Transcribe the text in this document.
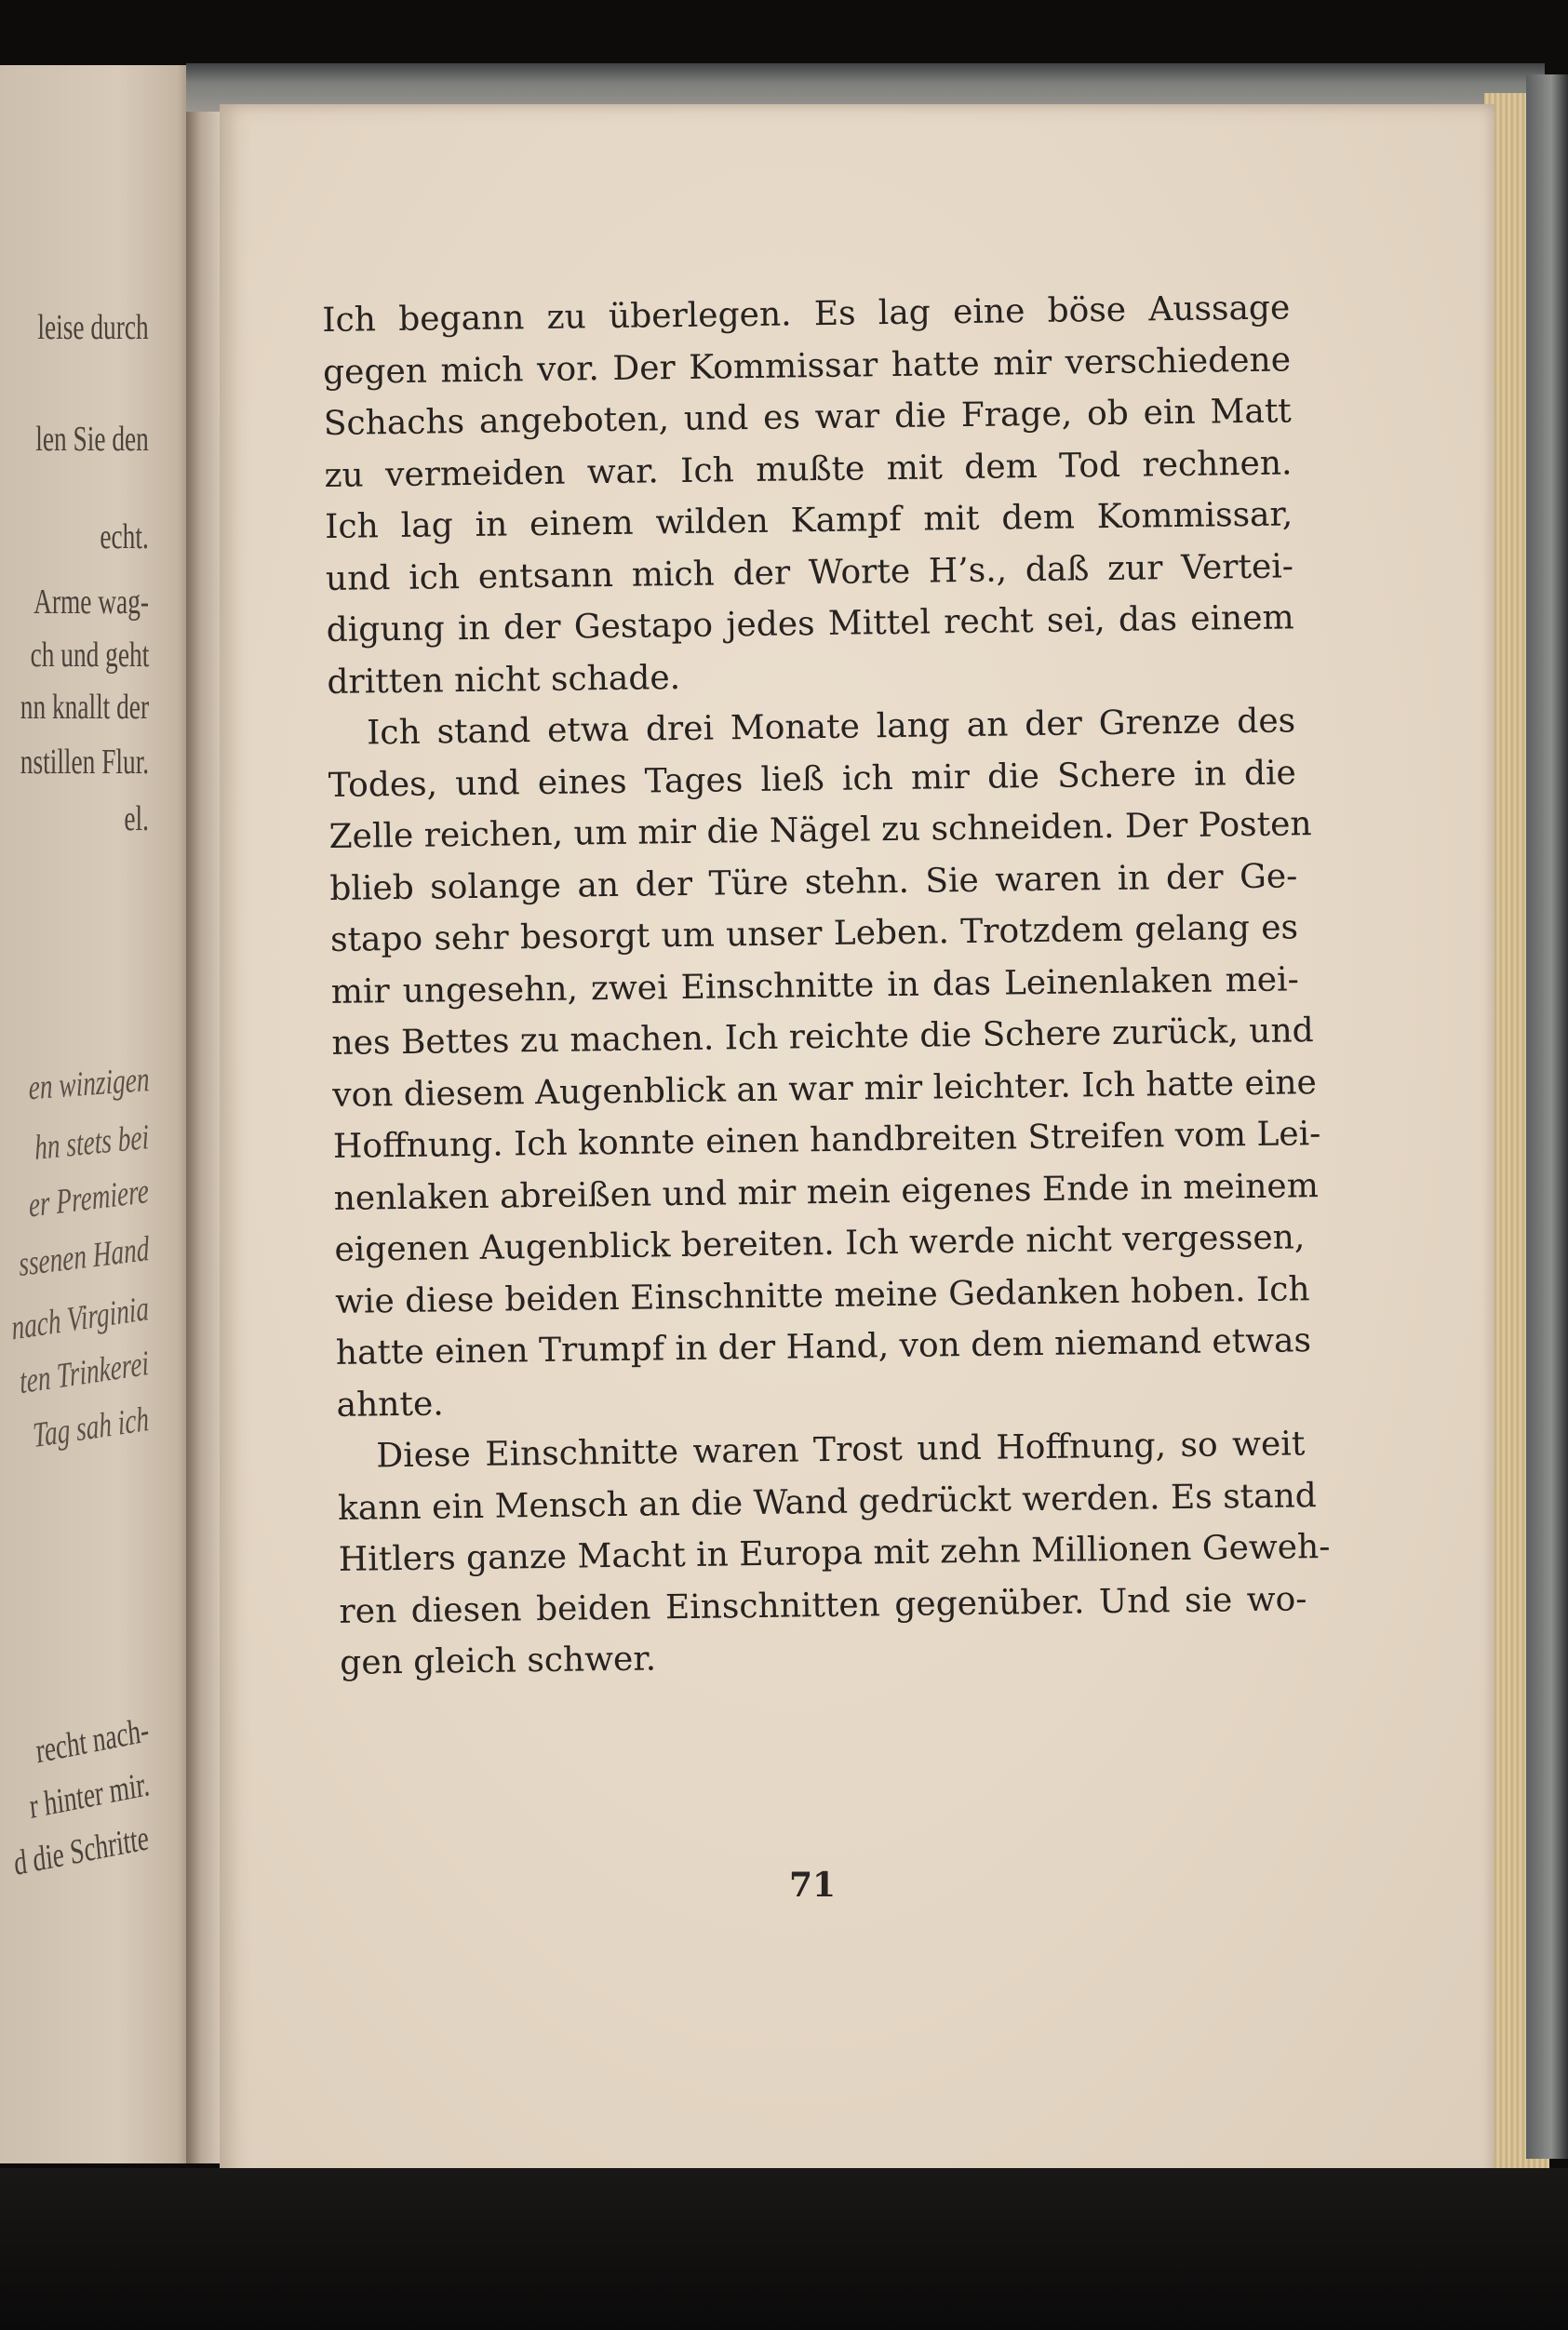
leise durch
len Sie den
echt.
Arme wag-
ch und geht
nn knallt der
nstillen Flur.
el.
en winzigen
hn stets bei
er Premiere
ssenen Hand
nach Virginia
ten Trinkerei
Tag sah ich
recht nach-
r hinter mir.
d die Schritte
Ich begann zu überlegen. Es lag eine böse Aussage
gegen mich vor. Der Kommissar hatte mir verschiedene
Schachs angeboten, und es war die Frage, ob ein Matt
zu vermeiden war. Ich mußte mit dem Tod rechnen.
Ich lag in einem wilden Kampf mit dem Kommissar,
und ich entsann mich der Worte H’s., daß zur Vertei-
digung in der Gestapo jedes Mittel recht sei, das einem
dritten nicht schade.
Ich stand etwa drei Monate lang an der Grenze des
Todes, und eines Tages ließ ich mir die Schere in die
Zelle reichen, um mir die Nägel zu schneiden. Der Posten
blieb solange an der Türe stehn. Sie waren in der Ge-
stapo sehr besorgt um unser Leben. Trotzdem gelang es
mir ungesehn, zwei Einschnitte in das Leinenlaken mei-
nes Bettes zu machen. Ich reichte die Schere zurück, und
von diesem Augenblick an war mir leichter. Ich hatte eine
Hoffnung. Ich konnte einen handbreiten Streifen vom Lei-
nenlaken abreißen und mir mein eigenes Ende in meinem
eigenen Augenblick bereiten. Ich werde nicht vergessen,
wie diese beiden Einschnitte meine Gedanken hoben. Ich
hatte einen Trumpf in der Hand, von dem niemand etwas
ahnte.
Diese Einschnitte waren Trost und Hoffnung, so weit
kann ein Mensch an die Wand gedrückt werden. Es stand
Hitlers ganze Macht in Europa mit zehn Millionen Geweh-
ren diesen beiden Einschnitten gegenüber. Und sie wo-
gen gleich schwer.
71
